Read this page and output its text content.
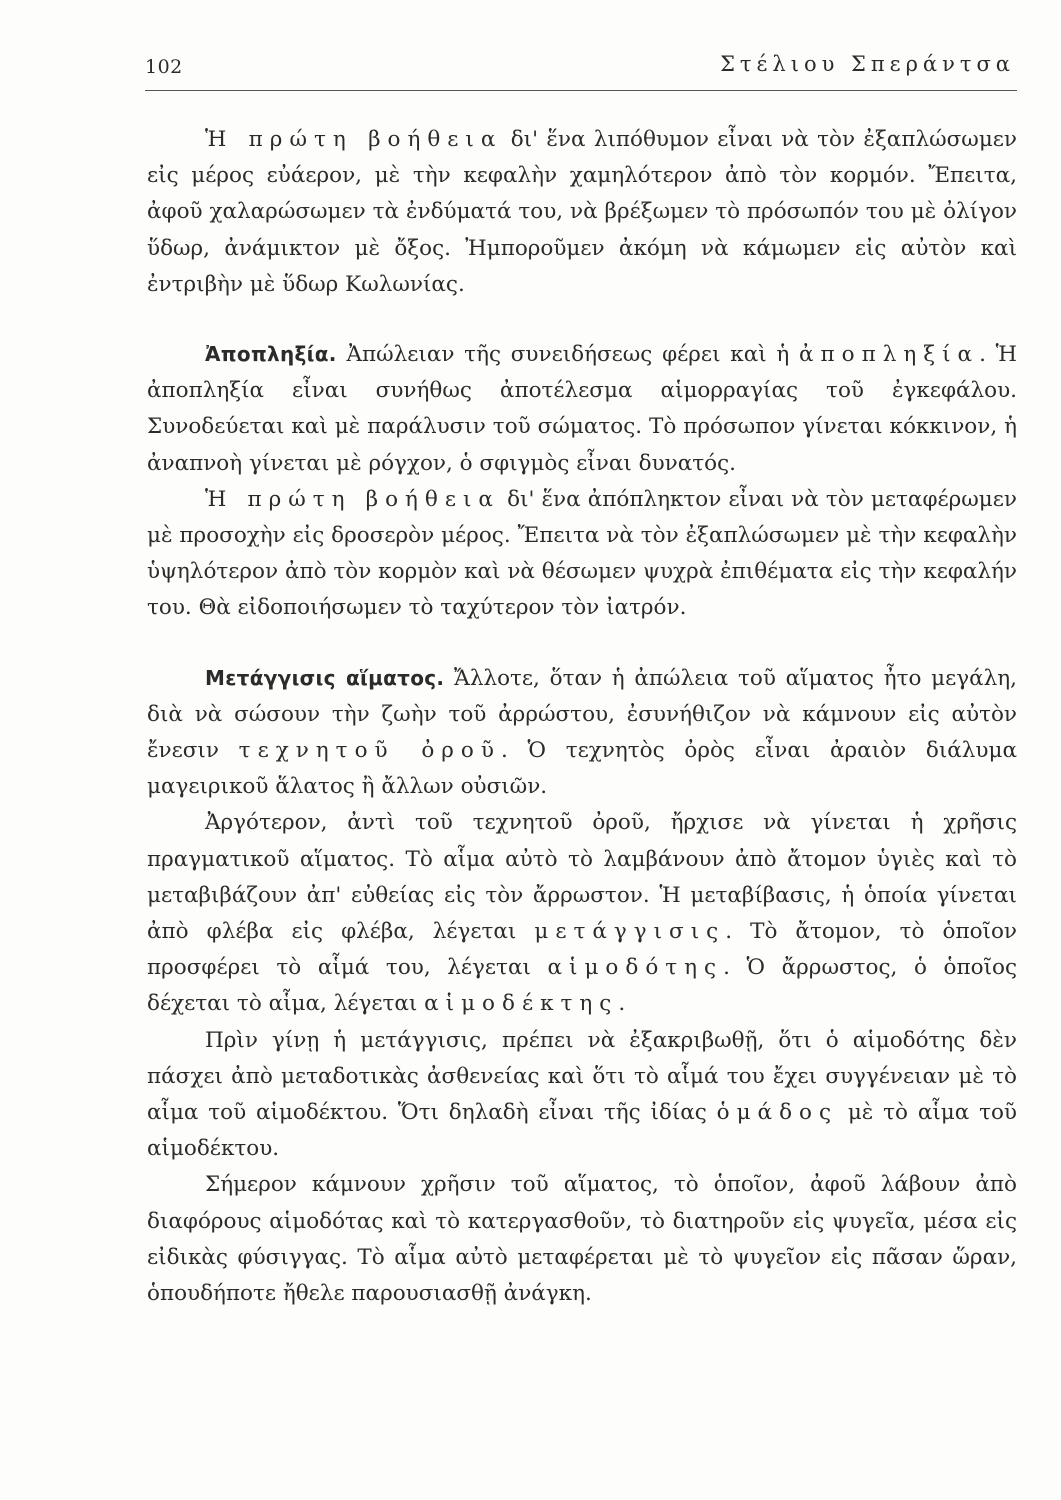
102	Στέλιου Σπεράντσα

Ἡ πρώτη βοήθεια δι' ἕνα λιπόθυμον εἶναι νὰ τὸν ἐξαπλώσωμεν εἰς μέρος εὐάερον, μὲ τὴν κεφαλὴν χαμηλότερον ἀπὸ τὸν κορμόν. Ἔπειτα, ἀφοῦ χαλαρώσωμεν τὰ ἐνδύματά του, νὰ βρέξωμεν τὸ πρόσωπόν του μὲ ὀλίγον ὕδωρ, ἀνάμικτον μὲ ὄξος. Ἠμποροῦμεν ἀκόμη νὰ κάμωμεν εἰς αὐτὸν καὶ ἐντριβὴν μὲ ὕδωρ Κωλωνίας.

Ἀποπληξία. Ἀπώλειαν τῆς συνειδήσεως φέρει καὶ ἡ ἀποπληξία. Ἡ ἀποπληξία εἶναι συνήθως ἀποτέλεσμα αἱμορραγίας τοῦ ἐγκεφάλου. Συνοδεύεται καὶ μὲ παράλυσιν τοῦ σώματος. Τὸ πρόσωπον γίνεται κόκκινον, ἡ ἀναπνοὴ γίνεται μὲ ρόγχον, ὁ σφιγμὸς εἶναι δυνατός.

Ἡ πρώτη βοήθεια δι' ἕνα ἀπόπληκτον εἶναι νὰ τὸν μεταφέρωμεν μὲ προσοχὴν εἰς δροσερὸν μέρος. Ἔπειτα νὰ τὸν ἐξαπλώσωμεν μὲ τὴν κεφαλὴν ὑψηλότερον ἀπὸ τὸν κορμὸν καὶ νὰ θέσωμεν ψυχρὰ ἐπιθέματα εἰς τὴν κεφαλήν του. Θὰ εἰδοποιήσωμεν τὸ ταχύτερον τὸν ἰατρόν.

Μετάγγισις αἵματος. Ἄλλοτε, ὅταν ἡ ἀπώλεια τοῦ αἵματος ἦτο μεγάλη, διὰ νὰ σώσουν τὴν ζωὴν τοῦ ἀρρώστου, ἐσυνήθιζον νὰ κάμνουν εἰς αὐτὸν ἔνεσιν τεχνητοῦ ὀροῦ. Ὁ τεχνητὸς ὀρὸς εἶναι ἀραιὸν διάλυμα μαγειρικοῦ ἅλατος ἢ ἄλλων οὐσιῶν.

Ἀργότερον, ἀντὶ τοῦ τεχνητοῦ ὀροῦ, ἤρχισε νὰ γίνεται ἡ χρῆσις πραγματικοῦ αἵματος. Τὸ αἷμα αὐτὸ τὸ λαμβάνουν ἀπὸ ἄτομον ὑγιὲς καὶ τὸ μεταβιβάζουν ἀπ' εὐθείας εἰς τὸν ἄρρωστον. Ἡ μεταβίβασις, ἡ ὁποία γίνεται ἀπὸ φλέβα εἰς φλέβα, λέγεται μετάγγισις. Τὸ ἄτομον, τὸ ὁποῖον προσφέρει τὸ αἷμά του, λέγεται αἱμοδότης. Ὁ ἄρρωστος, ὁ ὁποῖος δέχεται τὸ αἷμα, λέγεται αἱμοδέκτης.

Πρὶν γίνῃ ἡ μετάγγισις, πρέπει νὰ ἐξακριβωθῇ, ὅτι ὁ αἱμοδότης δὲν πάσχει ἀπὸ μεταδοτικὰς ἀσθενείας καὶ ὅτι τὸ αἷμά του ἔχει συγγένειαν μὲ τὸ αἷμα τοῦ αἱμοδέκτου. Ὅτι δηλαδὴ εἶναι τῆς ἰδίας ὁμάδος μὲ τὸ αἷμα τοῦ αἱμοδέκτου.

Σήμερον κάμνουν χρῆσιν τοῦ αἵματος, τὸ ὁποῖον, ἀφοῦ λάβουν ἀπὸ διαφόρους αἱμοδότας καὶ τὸ κατεργασθοῦν, τὸ διατηροῦν εἰς ψυγεῖα, μέσα εἰς εἰδικὰς φύσιγγας. Τὸ αἷμα αὐτὸ μεταφέρεται μὲ τὸ ψυγεῖον εἰς πᾶσαν ὥραν, ὁπουδήποτε ἤθελε παρουσιασθῇ ἀνάγκη.
